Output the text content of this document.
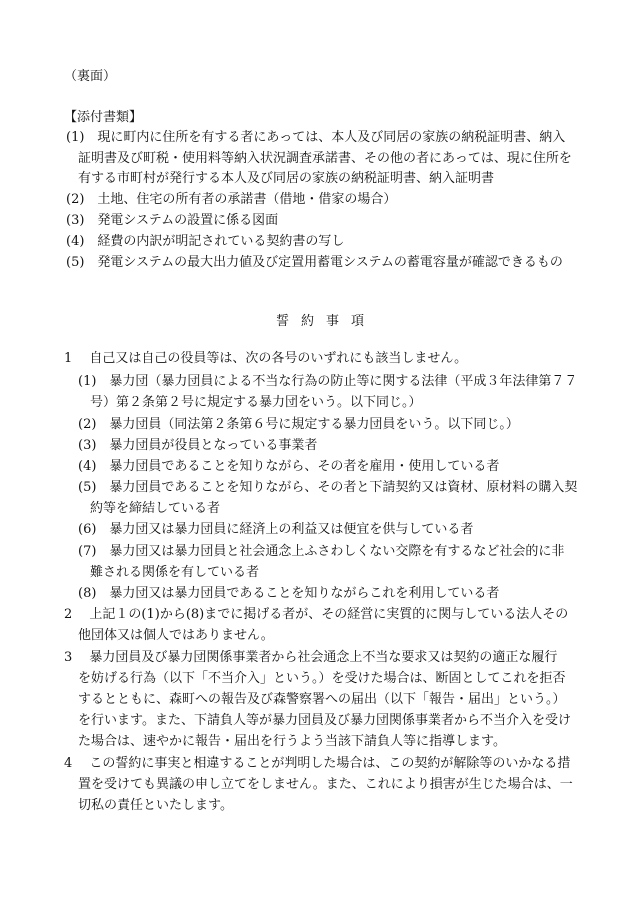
（裏面）
【添付書類】
(1)　現に町内に住所を有する者にあっては、本人及び同居の家族の納税証明書、納入
証明書及び町税・使用料等納入状況調査承諾書、その他の者にあっては、現に住所を
有する市町村が発行する本人及び同居の家族の納税証明書、納入証明書
(2)　土地、住宅の所有者の承諾書（借地・借家の場合）
(3)　発電システムの設置に係る図面
(4)　経費の内訳が明記されている契約書の写し
(5)　発電システムの最大出力値及び定置用蓄電システムの蓄電容量が確認できるもの
誓約事項
1　 自己又は自己の役員等は、次の各号のいずれにも該当しません。
(1)　暴力団（暴力団員による不当な行為の防止等に関する法律（平成３年法律第７７
号）第２条第２号に規定する暴力団をいう。以下同じ。）
(2)　暴力団員（同法第２条第６号に規定する暴力団員をいう。以下同じ。）
(3)　暴力団員が役員となっている事業者
(4)　暴力団員であることを知りながら、その者を雇用・使用している者
(5)　暴力団員であることを知りながら、その者と下請契約又は資材、原材料の購入契
約等を締結している者
(6)　暴力団又は暴力団員に経済上の利益又は便宜を供与している者
(7)　暴力団又は暴力団員と社会通念上ふさわしくない交際を有するなど社会的に非
難される関係を有している者
(8)　暴力団又は暴力団員であることを知りながらこれを利用している者
2　 上記１の(1)から(8)までに掲げる者が、その経営に実質的に関与している法人その
他団体又は個人ではありません。
3　 暴力団員及び暴力団関係事業者から社会通念上不当な要求又は契約の適正な履行
を妨げる行為（以下「不当介入」という。）を受けた場合は、断固としてこれを拒否
するとともに、森町への報告及び森警察署への届出（以下「報告・届出」という。）
を行います。また、下請負人等が暴力団員及び暴力団関係事業者から不当介入を受け
た場合は、速やかに報告・届出を行うよう当該下請負人等に指導します。
4　 この誓約に事実と相違することが判明した場合は、この契約が解除等のいかなる措
置を受けても異議の申し立てをしません。また、これにより損害が生じた場合は、一
切私の責任といたします。
